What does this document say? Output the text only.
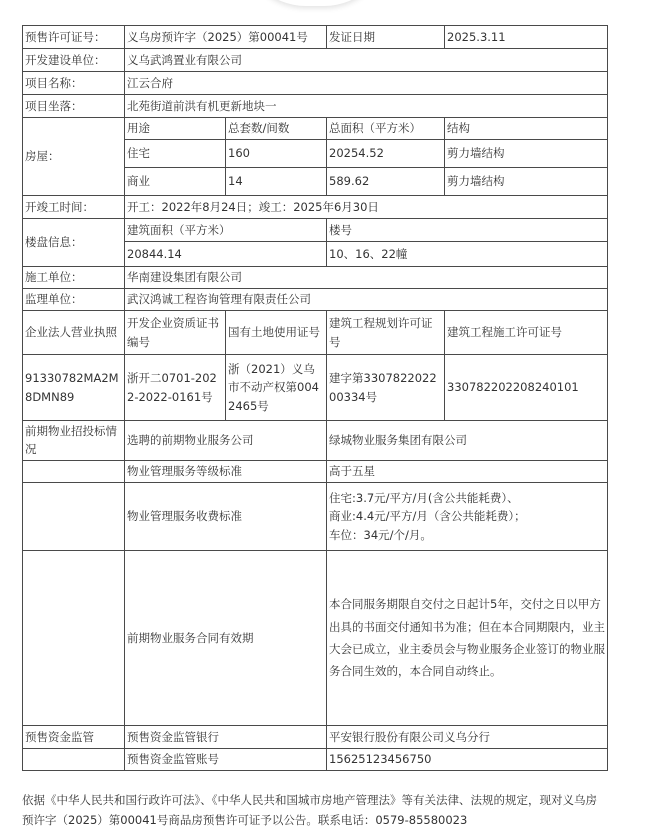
预售许可证号：	义乌房预许字（2025）第00041号		发证日期	2025.3.11
开发建设单位：	义乌武鸿置业有限公司			
项目名称：	江云合府			
项目坐落：	北苑街道前洪有机更新地块一			
房屋：	用途	总套数/间数	总面积（平方米）	结构
	住宅	160	20254.52	剪力墙结构
	商业	14	589.62	剪力墙结构
开竣工时间：	开工：2022年8月24日；竣工：2025年6月30日			
楼盘信息：	建筑面积（平方米）		楼号	
	20844.14		10、16、22幢	
施工单位：	华南建设集团有限公司			
监理单位：	武汉鸿诚工程咨询管理有限责任公司			
企业法人营业执照	开发企业资质证书编号	国有土地使用证号	建筑工程规划许可证号	建筑工程施工许可证号
91330782MA2M8DMN89	浙开二0701-2022-2022-0161号	浙（2021）义乌市不动产权第0042465号	建字第330782202200334号	330782202208240101
前期物业招投标情况	选聘的前期物业服务公司		绿城物业服务集团有限公司	
	物业管理服务等级标准		高于五星	
	物业管理服务收费标准		住宅:3.7元/平方/月(含公共能耗费）、
商业:4.4元/平方/月（含公共能耗费）；
车位：34元/个/月。	

	前期物业服务合同有效期		本合同服务期限自交付之日起计5年，交付之日以甲方出具的书面交付通知书为准；但在本合同期限内，业主大会已成立，业主委员会与物业服务企业签订的物业服务合同生效的，本合同自动终止。	
预售资金监管	预售资金监管银行		平安银行股份有限公司义乌分行	
	预售资金监管账号		15625123456750	
依据《中华人民共和国行政许可法》、《中华人民共和国城市房地产管理法》等有关法律、法规的规定，现对义乌房预许字（2025）第00041号商品房预售许可证予以公告。联系电话：0579-85580023
